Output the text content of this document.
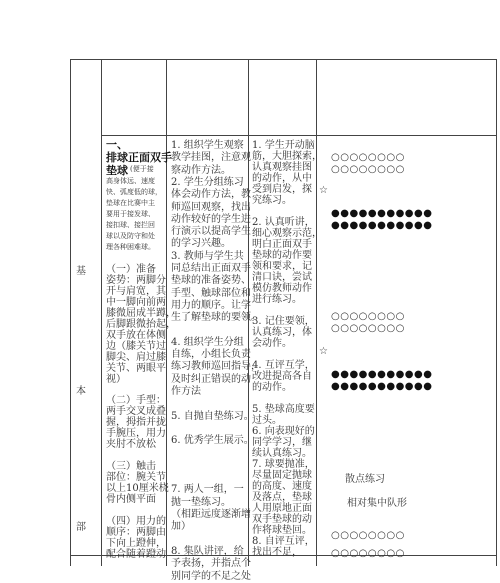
基
本
部
一、
排球正面双手
垫球 (便于接
高身体远、速度
快、弧度低的球，
垫球在比赛中主
要用于接发球、
接扣球、接拦回
球以及防守和处
理各种困难球。
（一）准备
姿势：两脚分
开与肩宽，其
中一脚向前两
膝微屈成半蹲，
后脚跟微抬起，
双手放在体侧
边（膝关节过
脚尖、肩过膝
关节、两眼平
视）
（二）手型：
两手交叉成叠
握，拇指并拢
手腕压，用力
夹肘不放松
（三）触击
部位：腕关节
以上10厘米桡
骨内侧平面
（四）用力的
顺序：两脚由
下向上蹬伸，
配合随着蹬动
1. 组织学生观察
教学挂图，注意观
察动作方法。
2. 学生分组练习
体会动作方法，教
师巡回观察，找出
动作较好的学生进
行演示以提高学生
的学习兴趣。
3. 教师与学生共
同总结出正面双手
垫球的准备姿势、
手型、触球部位和
用力的顺序。让学
生了解垫球的要领。
4. 组织学生分组
自练，小组长负责
练习教师巡回指导，
及时纠正错误的动
作方法
5. 自抛自垫练习。
6. 优秀学生展示。
7. 两人一组，一
抛一垫练习。
（相距远度逐渐增
加）
8. 集队讲评，给
予表扬，并指点个
别同学的不足之处
1. 学生开动脑
筋，大胆探索，
认真观察挂图
的动作，从中
受到启发，探
究练习。
2. 认真听讲，
细心观察示范，
明白正面双手
垫球的动作要
领和要求，记
清口诀，尝试
模仿教师动作
进行练习。
3. 记住要领，
认真练习，体
会动作。
4. 互评互学，
改进提高各自
的动作。
5. 垫球高度要
过头。
6. 向表现好的
同学学习，继
续认真练习。
7. 球要抛准，
尽量固定抛球
的高度、速度
及落点，垫球
人用原地正面
双手垫球的动
作将球垫回。
8. 自评互评，
找出不足，
○○○○○○○○
○○○○○○○○
☆
●●●●●●●●●●●
●●●●●●●●●●●
○○○○○○○○
○○○○○○○○
☆
●●●●●●●●●●●
●●●●●●●●●●●
散点练习
相对集中队形
○○○○○○○○
○○○○○○○○
